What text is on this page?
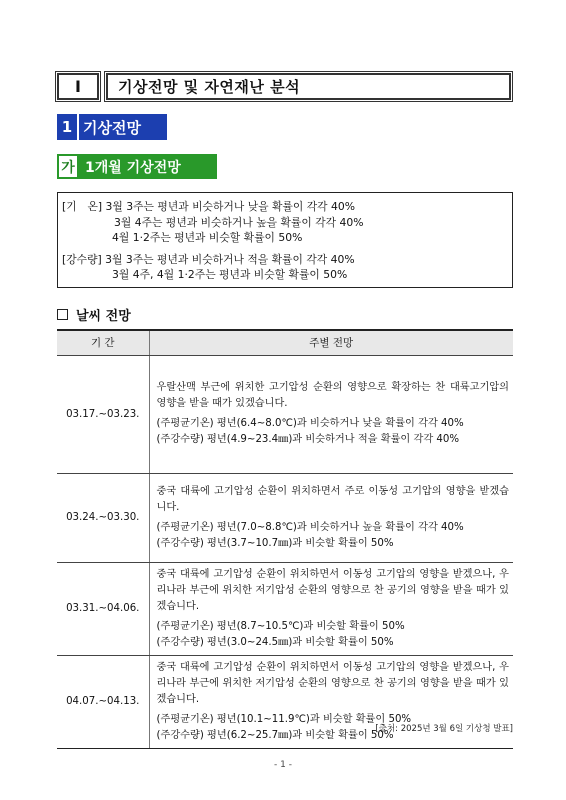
Ⅰ	기상전망 및 자연재난 분석
1 기상전망
가 1개월 기상전망
[기　온] 3월 3주는 평년과 비슷하거나 낮을 확률이 각각 40%
3월 4주는 평년과 비슷하거나 높을 확률이 각각 40%
4월 1·2주는 평년과 비슷할 확률이 50%
[강수량] 3월 3주는 평년과 비슷하거나 적을 확률이 각각 40%
3월 4주, 4월 1·2주는 평년과 비슷할 확률이 50%
날씨 전망
기 간	주별 전망
03.17.~03.23.	우랄산맥 부근에 위치한 고기압성 순환의 영향으로 확장하는 찬 대륙고기압의 영향을 받을 때가 있겠습니다.
(주평균기온) 평년(6.4~8.0℃)과 비슷하거나 낮을 확률이 각각 40%
(주강수량) 평년(4.9~23.4㎜)과 비슷하거나 적을 확률이 각각 40%

03.24.~03.30.	중국 대륙에 고기압성 순환이 위치하면서 주로 이동성 고기압의 영향을 받겠습니다.
(주평균기온) 평년(7.0~8.8℃)과 비슷하거나 높을 확률이 각각 40%
(주강수량) 평년(3.7~10.7㎜)과 비슷할 확률이 50%

03.31.~04.06.	중국 대륙에 고기압성 순환이 위치하면서 이동성 고기압의 영향을 받겠으나, 우리나라 부근에 위치한 저기압성 순환의 영향으로 찬 공기의 영향을 받을 때가 있겠습니다.
(주평균기온) 평년(8.7~10.5℃)과 비슷할 확률이 50%
(주강수량) 평년(3.0~24.5㎜)과 비슷할 확률이 50%

04.07.~04.13.	중국 대륙에 고기압성 순환이 위치하면서 이동성 고기압의 영향을 받겠으나, 우리나라 부근에 위치한 저기압성 순환의 영향으로 찬 공기의 영향을 받을 때가 있겠습니다.
(주평균기온) 평년(10.1~11.9℃)과 비슷할 확률이 50%
(주강수량) 평년(6.2~25.7㎜)과 비슷할 확률이 50%
[출처: 2025년 3월 6일 기상청 발표]
- 1 -
